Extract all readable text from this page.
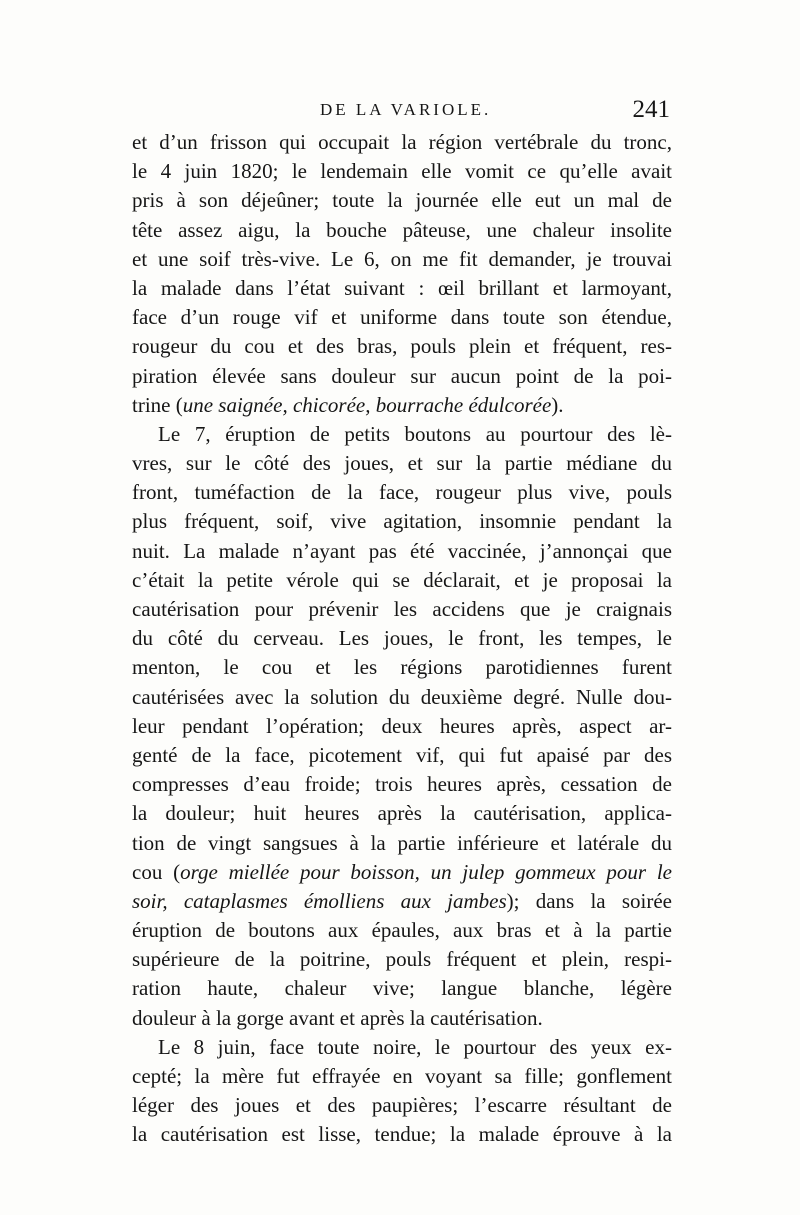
DE LA VARIOLE.	241
et d’un frisson qui occupait la région vertébrale du tronc,
le 4 juin 1820; le lendemain elle vomit ce qu’elle avait
pris à son déjeûner; toute la journée elle eut un mal de
tête assez aigu, la bouche pâteuse, une chaleur insolite
et une soif très-vive. Le 6, on me fit demander, je trouvai
la malade dans l’état suivant : œil brillant et larmoyant,
face d’un rouge vif et uniforme dans toute son étendue,
rougeur du cou et des bras, pouls plein et fréquent, res-
piration élevée sans douleur sur aucun point de la poi-
trine (une saignée, chicorée, bourrache édulcorée).
Le 7, éruption de petits boutons au pourtour des lè-
vres, sur le côté des joues, et sur la partie médiane du
front, tuméfaction de la face, rougeur plus vive, pouls
plus fréquent, soif, vive agitation, insomnie pendant la
nuit. La malade n’ayant pas été vaccinée, j’annonçai que
c’était la petite vérole qui se déclarait, et je proposai la
cautérisation pour prévenir les accidens que je craignais
du côté du cerveau. Les joues, le front, les tempes, le
menton, le cou et les régions parotidiennes furent
cautérisées avec la solution du deuxième degré. Nulle dou-
leur pendant l’opération; deux heures après, aspect ar-
genté de la face, picotement vif, qui fut apaisé par des
compresses d’eau froide; trois heures après, cessation de
la douleur; huit heures après la cautérisation, applica-
tion de vingt sangsues à la partie inférieure et latérale du
cou (orge miellée pour boisson, un julep gommeux pour le
soir, cataplasmes émolliens aux jambes); dans la soirée
éruption de boutons aux épaules, aux bras et à la partie
supérieure de la poitrine, pouls fréquent et plein, respi-
ration haute, chaleur vive; langue blanche, légère
douleur à la gorge avant et après la cautérisation.
Le 8 juin, face toute noire, le pourtour des yeux ex-
cepté; la mère fut effrayée en voyant sa fille; gonflement
léger des joues et des paupières; l’escarre résultant de
la cautérisation est lisse, tendue; la malade éprouve à la
